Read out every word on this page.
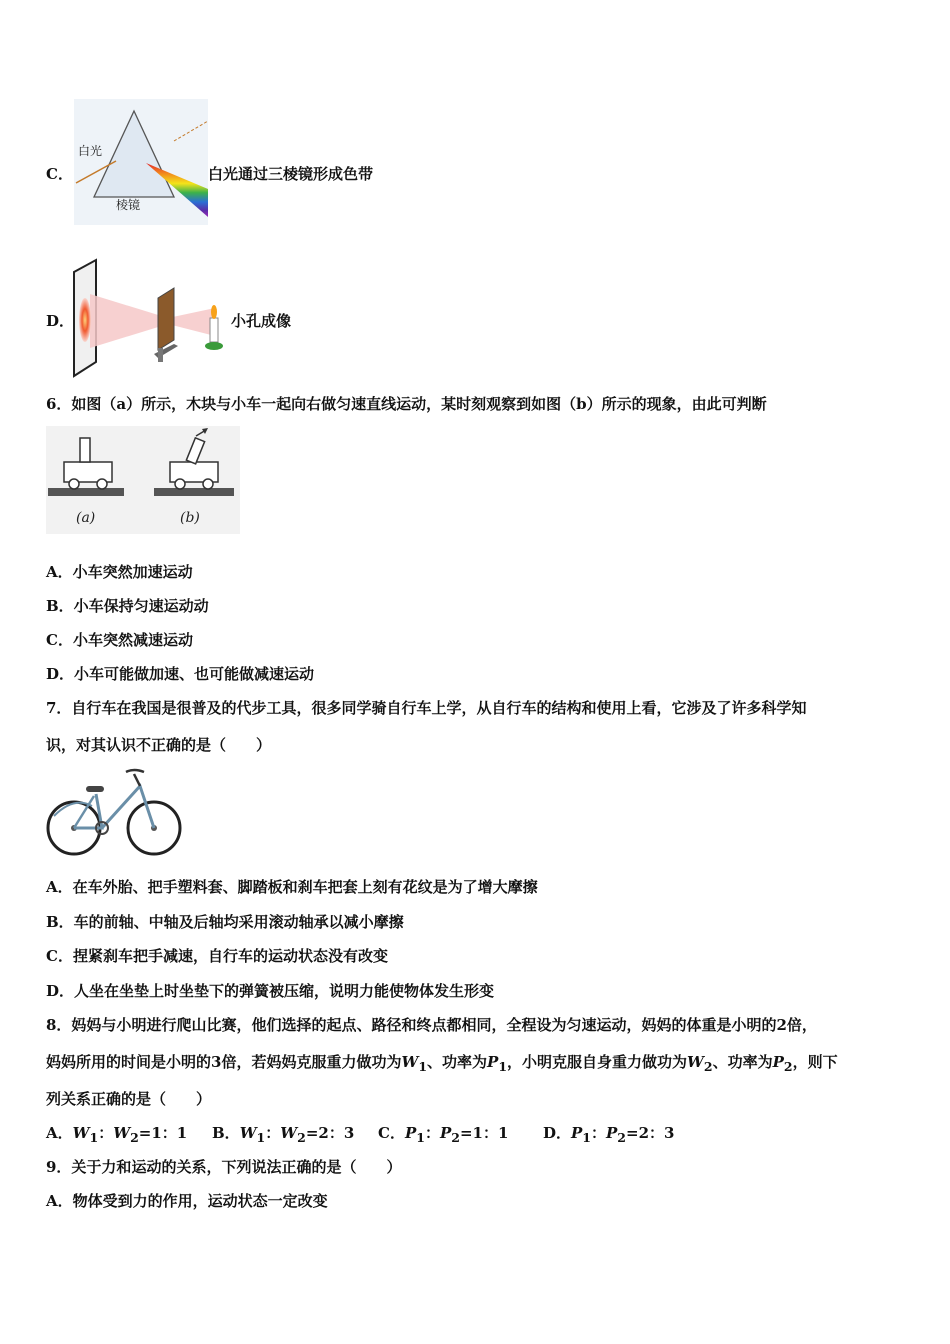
C．
白光
棱镜
白光通过三棱镜形成色带
D．	小孔成像
6．如图（a）所示，木块与小车一起向右做匀速直线运动，某时刻观察到如图（b）所示的现象，由此可判断
(a)	(b)
A．小车突然加速运动
B．小车保持匀速运动动
C．小车突然减速运动
D．小车可能做加速、也可能做减速运动
7．自行车在我国是很普及的代步工具，很多同学骑自行车上学，从自行车的结构和使用上看，它涉及了许多科学知
识，对其认识不正确的是（　　）
A．在车外胎、把手塑料套、脚踏板和刹车把套上刻有花纹是为了增大摩擦
B．车的前轴、中轴及后轴均采用滚动轴承以减小摩擦
C．捏紧刹车把手减速，自行车的运动状态没有改变
D．人坐在坐垫上时坐垫下的弹簧被压缩，说明力能使物体发生形变
8．妈妈与小明进行爬山比赛，他们选择的起点、路径和终点都相同，全程设为匀速运动，妈妈的体重是小明的2倍，
妈妈所用的时间是小明的3倍，若妈妈克服重力做功为$W_1$、功率为$P_1$，小明克服自身重力做功为$W_2$、功率为$P_2$，则下
列关系正确的是（　　）
A．$W_1$：$W_2=1$：1 B．$W_1$：$W_2=2$：3 C．$P_1$：$P_2=1$：1 D．$P_1$：$P_2=2$：3
9．关于力和运动的关系，下列说法正确的是（　　）
A．物体受到力的作用，运动状态一定改变
